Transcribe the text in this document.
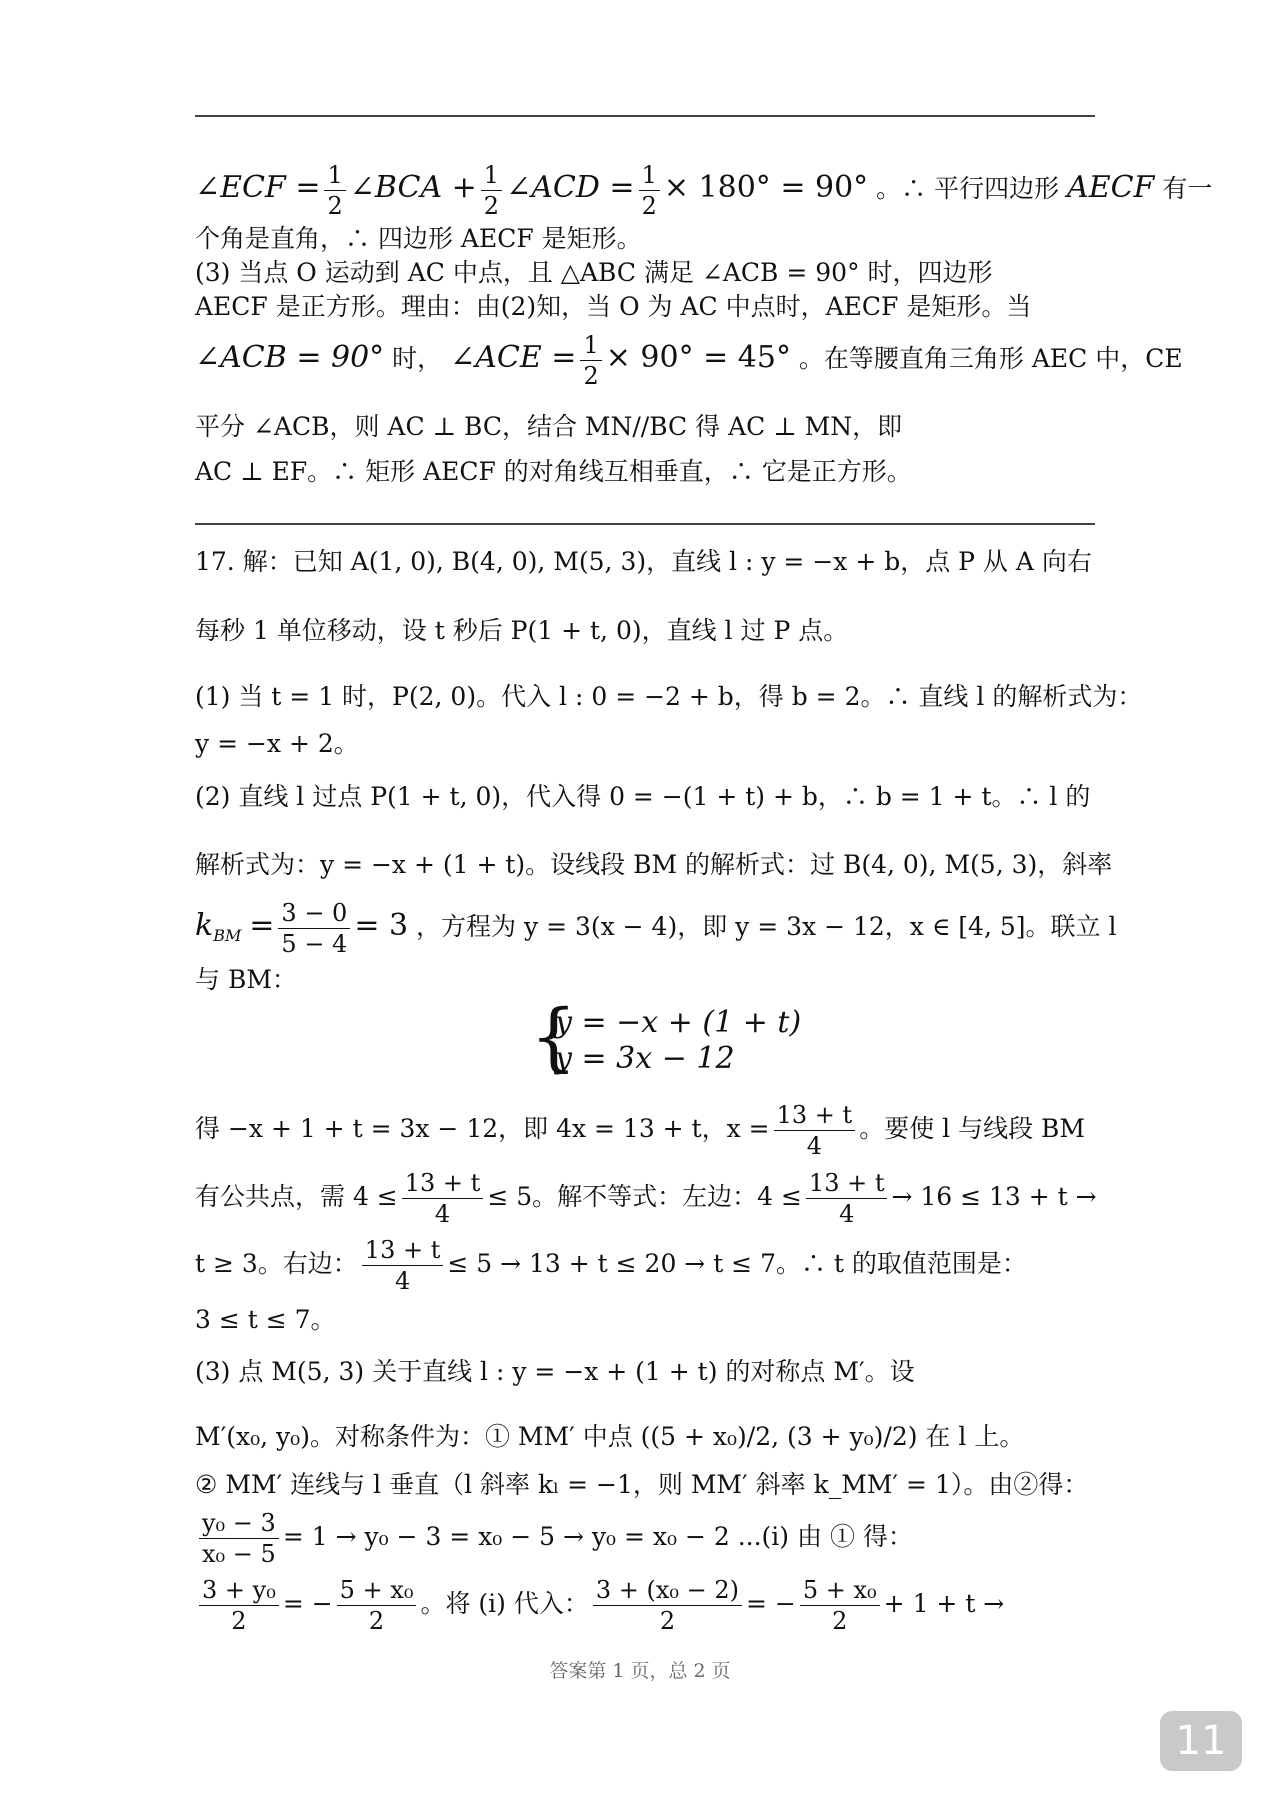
∠ECF = $\frac{1}{2}$ ∠BCA + $\frac{1}{2}$ ∠ACD = $\frac{1}{2} \times 180^\circ = 90^\circ$ 。∴ 平行四边形 AECF 有一
个角是直角，∴ 四边形 AECF 是矩形。
(3) 当点 O 运动到 AC 中点，且 △ABC 满足 ∠ACB = 90° 时，四边形
AECF 是正方形。理由：由(2)知，当 O 为 AC 中点时，AECF 是矩形。当
∠ACB = 90° 时， ∠ACE = $\frac{1}{2} \times 90^\circ = 45^\circ$ 。在等腰直角三角形 AEC 中，CE
平分 ∠ACB，则 AC ⊥ BC，结合 MN//BC 得 AC ⊥ MN，即
AC ⊥ EF。∴ 矩形 AECF 的对角线互相垂直，∴ 它是正方形。
17. 解：已知 A(1, 0), B(4, 0), M(5, 3)，直线 l : y = −x + b，点 P 从 A 向右
每秒 1 单位移动，设 t 秒后 P(1 + t, 0)，直线 l 过 P 点。
(1) 当 t = 1 时，P(2, 0)。代入 l : 0 = −2 + b，得 b = 2。∴ 直线 l 的解析式为：
y = −x + 2。
(2) 直线 l 过点 P(1 + t, 0)，代入得 0 = −(1 + t) + b，∴ b = 1 + t。∴ l 的
解析式为：y = −x + (1 + t)。设线段 BM 的解析式：过 B(4, 0), M(5, 3)，斜率
$k_{BM} = \frac{3 - 0}{5 - 4} = 3$ ，方程为 y = 3(x − 4)，即 y = 3x − 12，x ∈ [4, 5]。联立 l
与 BM：
{
y = −x + (1 + t)
y = 3x − 12
得 −x + 1 + t = 3x − 12，即 4x = 13 + t，$x = \frac{13 + t}{4}$ 。要使 l 与线段 BM
有公共点，需 $4 \le \frac{13 + t}{4} \le 5$。解不等式：左边：$4 \le \frac{13 + t}{4} \to 16 \le 13 + t$ →
t ≥ 3。右边： $\frac{13 + t}{4} \le 5 \to 13 + t \le 20 \to t \le 7$。∴ t 的取值范围是：
3 ≤ t ≤ 7。
(3) 点 M(5, 3) 关于直线 l : y = −x + (1 + t) 的对称点 M′。设
M′(x₀, y₀)。对称条件为：① MM′ 中点 ((5 + x₀)/2, (3 + y₀)/2) 在 l 上。
② MM′ 连线与 l 垂直（l 斜率 kₗ = −1，则 MM′ 斜率 k_MM′ = 1）。由②得：
$\frac{\text{y₀ − 3}}{\text{x₀ − 5}} = 1 \to y_0 - 3 = x_0 - 5 \to y_0 = x_0 - 2$ ...(i) 由 ① 得：
$\frac{\text{3 + y₀}}{2}$ = − $\frac{\text{5 + x₀}}{2}$ 。将 (i) 代入： $\frac{\text{3 + (x₀ − 2)}}{2}$ = − $\frac{\text{5 + x₀}}{2} + 1 + t$ →
答案第 1 页，总 2 页
11
